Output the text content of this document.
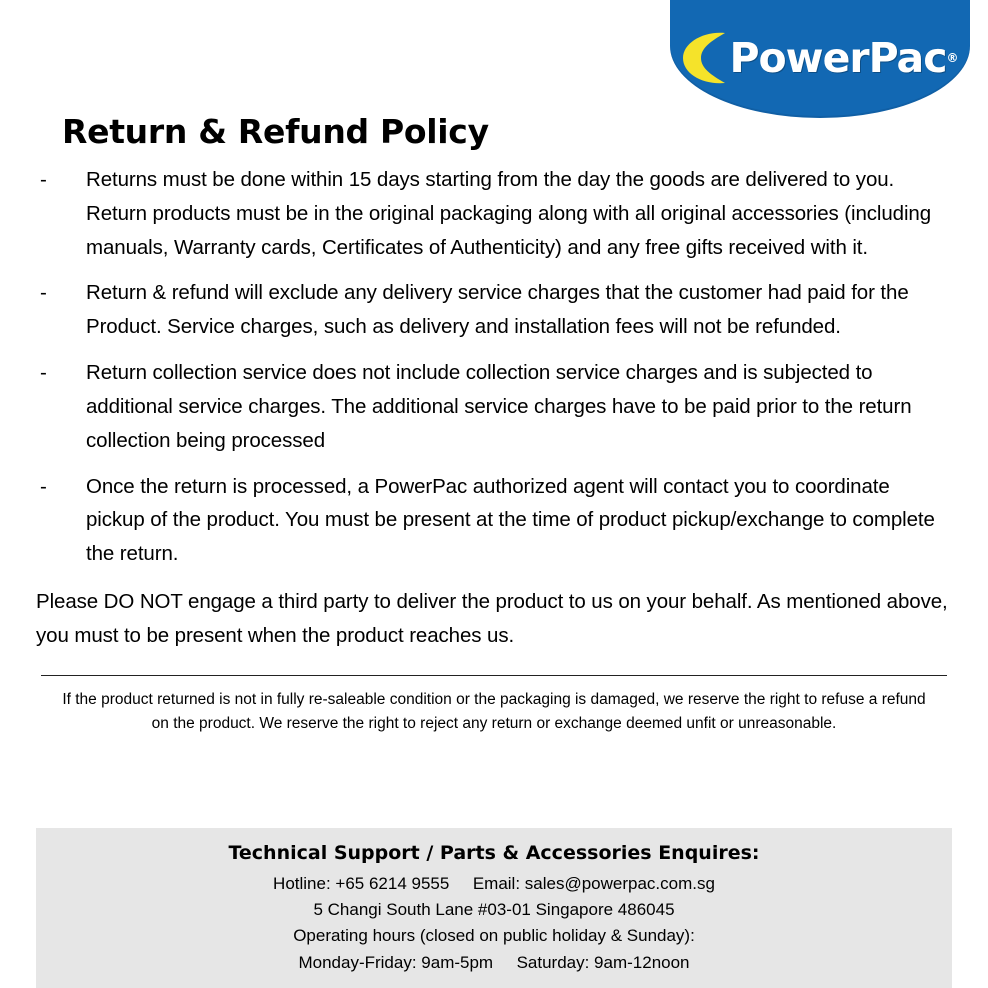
PowerPac ®
Return & Refund Policy
- Returns must be done within 15 days starting from the day the goods are delivered to you. Return products must be in the original packaging along with all original accessories (including manuals, Warranty cards, Certificates of Authenticity) and any free gifts received with it.
- Return & refund will exclude any delivery service charges that the customer had paid for the Product. Service charges, such as delivery and installation fees will not be refunded.
- Return collection service does not include collection service charges and is subjected to additional service charges. The additional service charges have to be paid prior to the return collection being processed
- Once the return is processed, a PowerPac authorized agent will contact you to coordinate pickup of the product. You must be present at the time of product pickup/exchange to complete the return.

Please DO NOT engage a third party to deliver the product to us on your behalf. As mentioned above, you must to be present when the product reaches us.

If the product returned is not in fully re-saleable condition or the packaging is damaged, we reserve the right to refuse a refund on the product. We reserve the right to reject any return or exchange deemed unfit or unreasonable.
Technical Support / Parts & Accessories Enquires:
Hotline: +65 6214 9555 Email: sales@powerpac.com.sg
5 Changi South Lane #03-01 Singapore 486045
Operating hours (closed on public holiday & Sunday):
Monday-Friday: 9am-5pm Saturday: 9am-12noon
